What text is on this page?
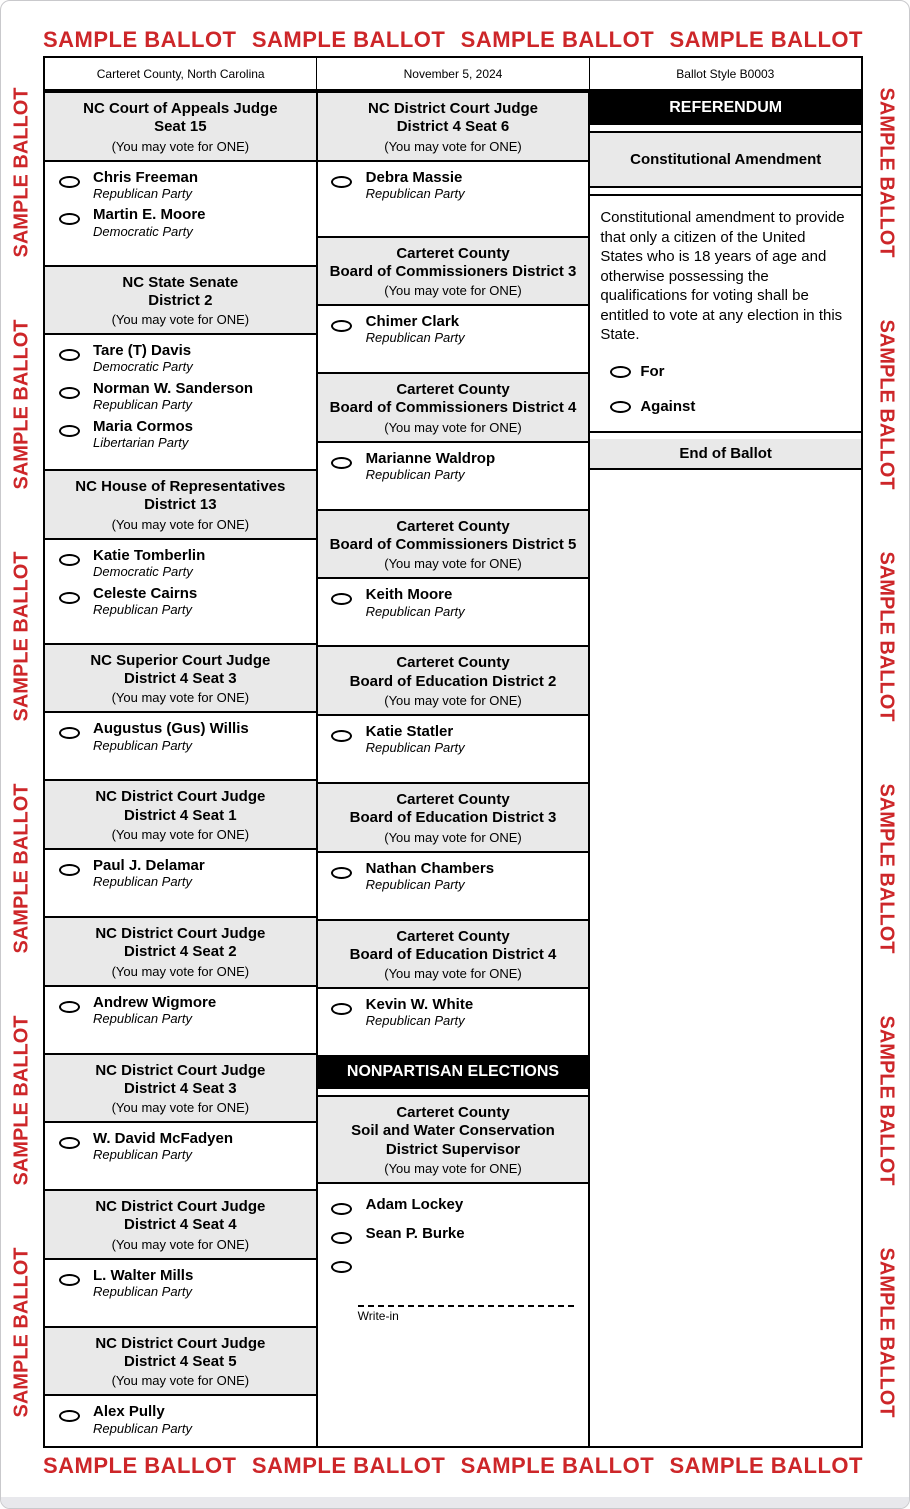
SAMPLE BALLOT SAMPLE BALLOT SAMPLE BALLOT SAMPLE BALLOT
SAMPLE BALLOT
SAMPLE BALLOT
SAMPLE BALLOT
SAMPLE BALLOT
SAMPLE BALLOT
SAMPLE BALLOT
SAMPLE BALLOT
SAMPLE BALLOT
SAMPLE BALLOT
SAMPLE BALLOT
SAMPLE BALLOT
SAMPLE BALLOT
Carteret County, North Carolina	November 5, 2024	Ballot Style B0003
NC Court of Appeals Judge
Seat 15
(You may vote for ONE)
Chris Freeman
Republican Party
Martin E. Moore
Democratic Party
NC State Senate
District 2
(You may vote for ONE)
Tare (T) Davis
Democratic Party
Norman W. Sanderson
Republican Party
Maria Cormos
Libertarian Party
NC House of Representatives
District 13
(You may vote for ONE)
Katie Tomberlin
Democratic Party
Celeste Cairns
Republican Party
NC Superior Court Judge
District 4 Seat 3
(You may vote for ONE)
Augustus (Gus) Willis
Republican Party
NC District Court Judge
District 4 Seat 1
(You may vote for ONE)
Paul J. Delamar
Republican Party
NC District Court Judge
District 4 Seat 2
(You may vote for ONE)
Andrew Wigmore
Republican Party
NC District Court Judge
District 4 Seat 3
(You may vote for ONE)
W. David McFadyen
Republican Party
NC District Court Judge
District 4 Seat 4
(You may vote for ONE)
L. Walter Mills
Republican Party
NC District Court Judge
District 4 Seat 5
(You may vote for ONE)
Alex Pully
Republican Party
NC District Court Judge
District 4 Seat 6
(You may vote for ONE)
Debra Massie
Republican Party
Carteret County
Board of Commissioners District 3
(You may vote for ONE)
Chimer Clark
Republican Party
Carteret County
Board of Commissioners District 4
(You may vote for ONE)
Marianne Waldrop
Republican Party
Carteret County
Board of Commissioners District 5
(You may vote for ONE)
Keith Moore
Republican Party
Carteret County
Board of Education District 2
(You may vote for ONE)
Katie Statler
Republican Party
Carteret County
Board of Education District 3
(You may vote for ONE)
Nathan Chambers
Republican Party
Carteret County
Board of Education District 4
(You may vote for ONE)
Kevin W. White
Republican Party
NONPARTISAN ELECTIONS
Carteret County
Soil and Water Conservation
District Supervisor
(You may vote for ONE)
Adam Lockey
Sean P. Burke
Write-in
REFERENDUM
Constitutional Amendment
Constitutional amendment to provide that only a citizen of the United States who is 18 years of age and otherwise possessing the qualifications for voting shall be entitled to vote at any election in this State.
For
Against
End of Ballot
SAMPLE BALLOT SAMPLE BALLOT SAMPLE BALLOT SAMPLE BALLOT
